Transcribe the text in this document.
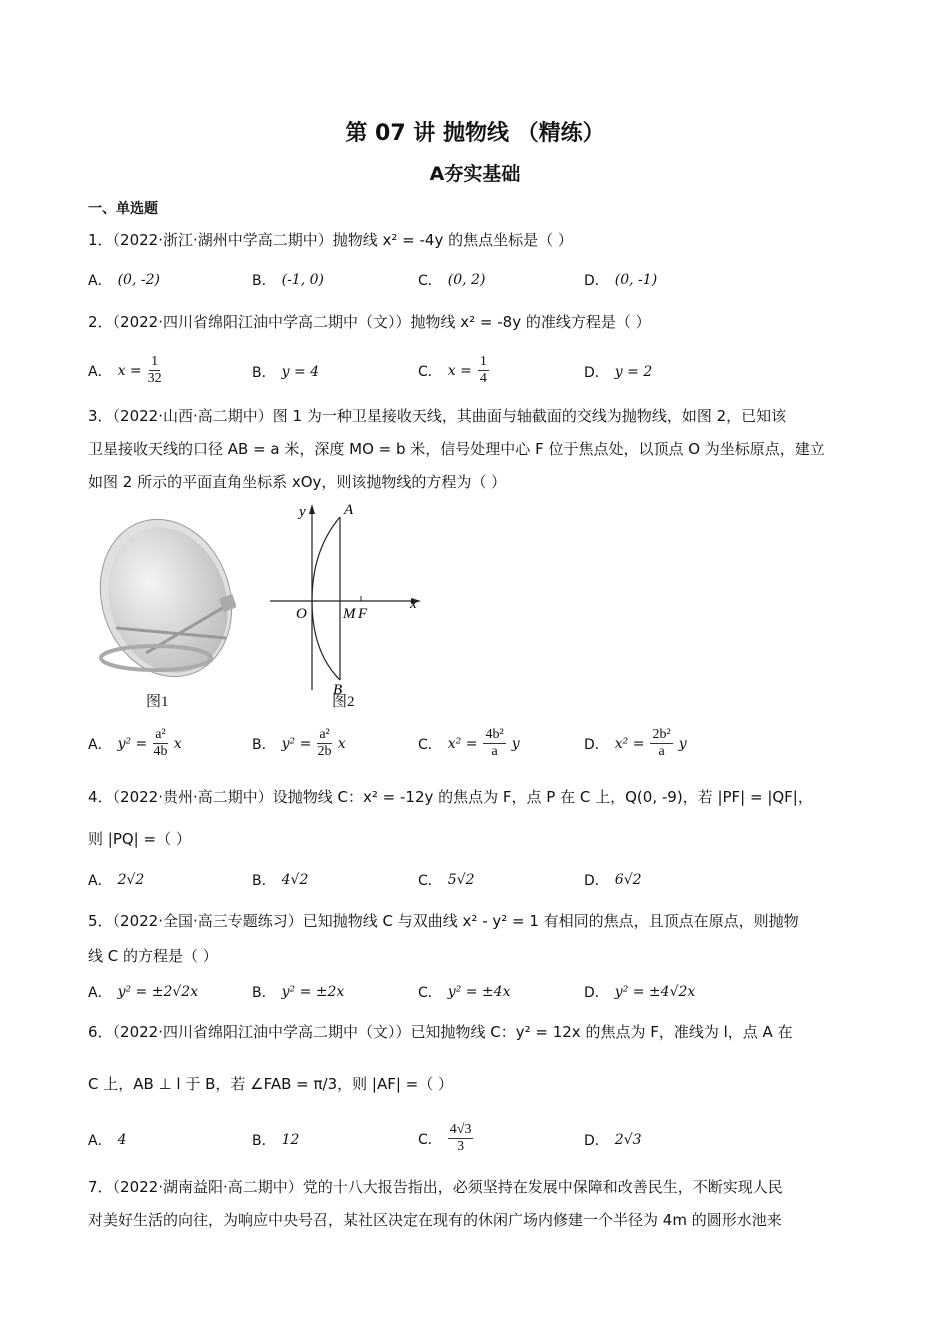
第 07 讲 抛物线 （精练）
A夯实基础
一、单选题
1．（2022·浙江·湖州中学高二期中）抛物线 x² = -4y 的焦点坐标是（ ）
A． (0, -2)	B． (-1, 0)	C． (0, 2)	D． (0, -1)
2．（2022·四川省绵阳江油中学高二期中（文））抛物线 x² = -8y 的准线方程是（ ）
A． $x = \frac{1}{32}$	B． y = 4	C． $x = \frac{1}{4}$	D． y = 2
3．（2022·山西·高二期中）图 1 为一种卫星接收天线，其曲面与轴截面的交线为抛物线，如图 2，已知该
卫星接收天线的口径 AB = a 米，深度 MO = b 米，信号处理中心 F 位于焦点处，以顶点 O 为坐标原点，建立
如图 2 所示的平面直角坐标系 xOy，则该抛物线的方程为（ ）
A． $y^2 = \frac{\text{a²}}{4b}$ x	B． $y^2 = \frac{\text{a²}}{2b}$ x	C． $x^2 = \frac{\text{4b²}}{a}$ y	D． $x^2 = \frac{\text{2b²}}{a}$ y
4．（2022·贵州·高二期中）设抛物线 C：x² = -12y 的焦点为 F，点 P 在 C 上，Q(0, -9)，若 |PF| = |QF|，
则 |PQ| =（ ）
A． 2√2	B． 4√2	C． 5√2	D． 6√2
5．（2022·全国·高三专题练习）已知抛物线 C 与双曲线 x² - y² = 1 有相同的焦点，且顶点在原点，则抛物
线 C 的方程是（ ）
A． y² = ±2√2x	B． y² = ±2x	C． y² = ±4x	D． y² = ±4√2x
6．（2022·四川省绵阳江油中学高二期中（文））已知抛物线 C：y² = 12x 的焦点为 F，准线为 l，点 A 在
C 上，AB ⊥ l 于 B，若 ∠FAB = π/3，则 |AF| =（ ）
A． 4	B． 12	C． $\frac{4√3}{3}$	D． 2√3
7．（2022·湖南益阳·高二期中）党的十八大报告指出，必须坚持在发展中保障和改善民生，不断实现人民
对美好生活的向往，为响应中央号召，某社区决定在现有的休闲广场内修建一个半径为 4m 的圆形水池来
y	A
O M F
x
B
图1	图2
